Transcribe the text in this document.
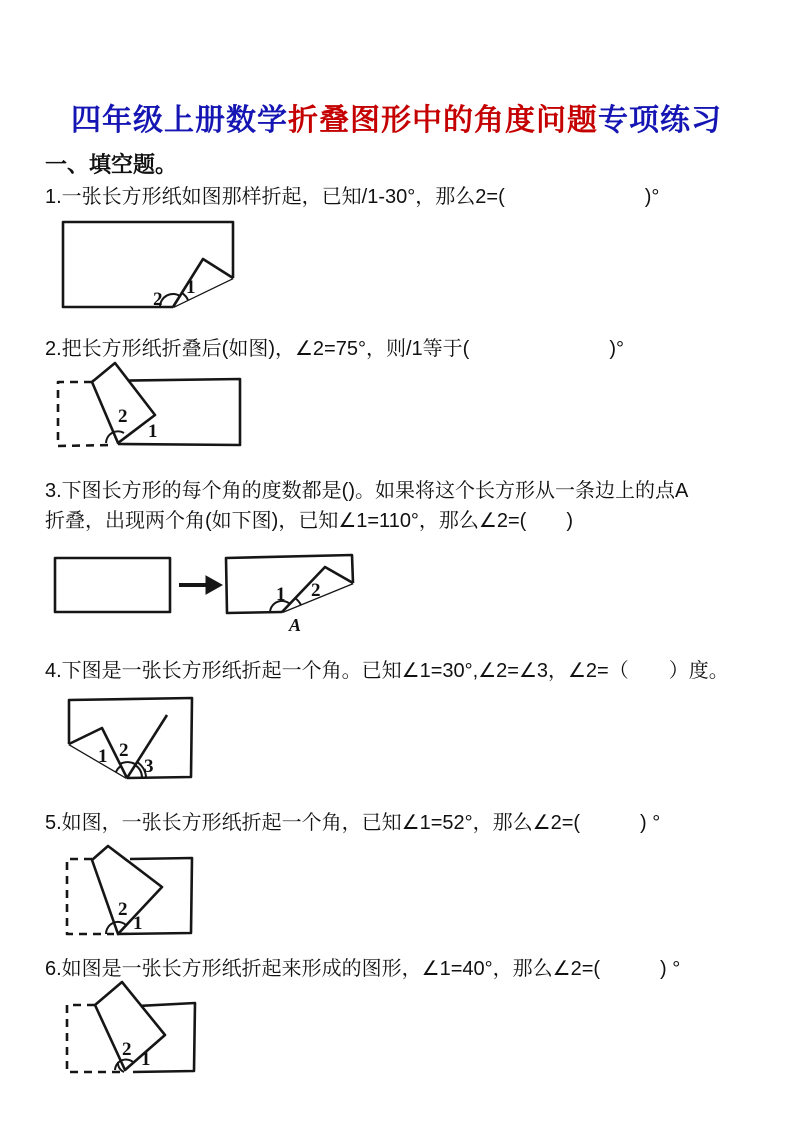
四年级上册数学折叠图形中的角度问题专项练习
一、填空题。
1.一张长方形纸如图那样折起，已知/1-30°，那么2=(　　　　　　　)°
2
1
2.把长方形纸折叠后(如图)，∠2=75°，则/1等于(　　　　　　　)°
2
1
3.下图长方形的每个角的度数都是()。如果将这个长方形从一条边上的点A
折叠，出现两个角(如下图)，已知∠1=110°，那么∠2=(　　)
1 2
A
4.下图是一张长方形纸折起一个角。已知∠1=30°,∠2=∠3，∠2=（　　）度。
1 2
3
5.如图，一张长方形纸折起一个角，已知∠1=52°，那么∠2=(　　　) °
2
1
6.如图是一张长方形纸折起来形成的图形，∠1=40°，那么∠2=(　　　) °
2 1
